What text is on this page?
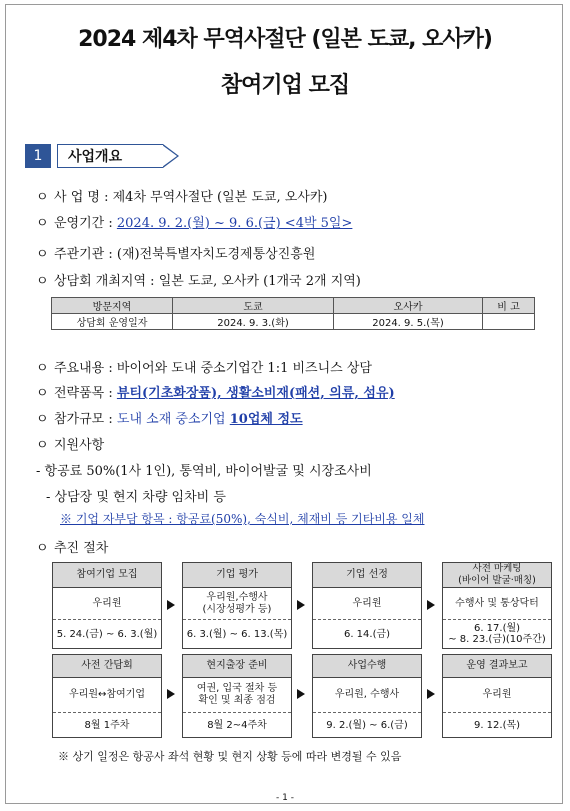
2024 제4차 무역사절단 (일본 도쿄, 오사카)
참여기업 모집
1	사업개요
ㅇ 사 업 명 : 제4차 무역사절단 (일본 도쿄, 오사카)
ㅇ 운영기간 : 2024. 9. 2.(월) ~ 9. 6.(금) <4박 5일>
ㅇ 주관기관 : (재)전북특별자치도경제통상진흥원
ㅇ 상담회 개최지역 : 일본 도쿄, 오사카 (1개국 2개 지역)
방문지역	도쿄	오사카	비 고
상담회 운영일자	2024. 9. 3.(화)	2024. 9. 5.(목)	
ㅇ 주요내용 : 바이어와 도내 중소기업간 1:1 비즈니스 상담
ㅇ 전략품목 : 뷰티(기초화장품), 생활소비재(패션, 의류, 섬유)
ㅇ 참가규모 : 도내 소재 중소기업 10업체 정도
ㅇ 지원사항
- 항공료 50%(1사 1인), 통역비, 바이어발굴 및 시장조사비
- 상담장 및 현지 차량 임차비 등
※ 기업 자부담 항목 : 항공료(50%), 숙식비, 체재비 등 기타비용 일체
ㅇ 추진 절차
참여기업 모집
우리원
5. 24.(금) ~ 6. 3.(월)
기업 평가
우리원,수행사
(시장성평가 등)
6. 3.(월) ~ 6. 13.(목)
기업 선정
우리원
6. 14.(금)
사전 마케팅
(바이어 발굴·매칭)
수행사 및 통상닥터
6. 17.(월)
~ 8. 23.(금)(10주간)
사전 간담회
우리원↔참여기업
8월 1주차
현지출장 준비
여권, 입국 절차 등
확인 및 최종 점검
8월 2~4주차
사업수행
우리원, 수행사
9. 2.(월) ~ 6.(금)
운영 결과보고
우리원
9. 12.(목)
※ 상기 일정은 항공사 좌석 현황 및 현지 상황 등에 따라 변경될 수 있음
- 1 -
